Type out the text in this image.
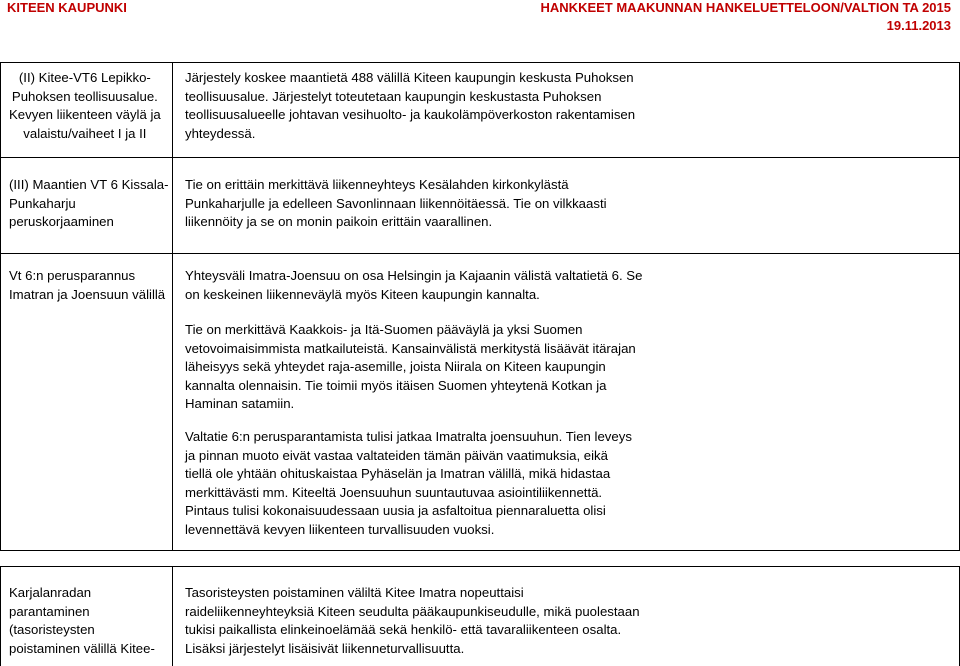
KITEEN KAUPUNKI	HANKKEET MAAKUNNAN HANKELUETTELOON/VALTION TA 2015
19.11.2013

(II) Kitee-VT6 Lepikko-
Puhoksen teollisuusalue.
Kevyen liikenteen väylä ja
valaistu/vaiheet I ja II

Järjestely koskee maantietä 488 välillä Kiteen kaupungin keskusta Puhoksen
teollisuusalue. Järjestelyt toteutetaan kaupungin keskustasta Puhoksen
teollisuusalueelle johtavan vesihuolto- ja kaukolämpöverkoston rakentamisen
yhteydessä.

(III) Maantien VT 6 Kissala-
Punkaharju
peruskorjaaminen

Tie on erittäin merkittävä liikenneyhteys Kesälahden kirkonkylästä
Punkaharjulle ja edelleen Savonlinnaan liikennöitäessä. Tie on vilkkaasti
liikennöity ja se on monin paikoin erittäin vaarallinen.

Vt 6:n perusparannus
Imatran ja Joensuun välillä

Yhteysväli Imatra-Joensuu on osa Helsingin ja Kajaanin välistä valtatietä 6. Se
on keskeinen liikenneväylä myös Kiteen kaupungin kannalta.

Tie on merkittävä Kaakkois- ja Itä-Suomen pääväylä ja yksi Suomen
vetovoimaisimmista matkailuteistä. Kansainvälistä merkitystä lisäävät itärajan
läheisyys sekä yhteydet raja-asemille, joista Niirala on Kiteen kaupungin
kannalta olennaisin. Tie toimii myös itäisen Suomen yhteytenä Kotkan ja
Haminan satamiin.

Valtatie 6:n perusparantamista tulisi jatkaa Imatralta joensuuhun. Tien leveys
ja pinnan muoto eivät vastaa valtateiden tämän päivän vaatimuksia, eikä
tiellä ole yhtään ohituskaistaa Pyhäselän ja Imatran välillä, mikä hidastaa
merkittävästi mm. Kiteeltä Joensuuhun suuntautuvaa asiointiliikennettä.
Pintaus tulisi kokonaisuudessaan uusia ja asfaltoitua piennaraluetta olisi
levennettävä kevyen liikenteen turvallisuuden vuoksi.

Karjalanradan
parantaminen
(tasoristeysten
poistaminen välillä Kitee-

Tasoristeysten poistaminen väliltä Kitee Imatra nopeuttaisi
raideliikenneyhteyksiä Kiteen seudulta pääkaupunkiseudulle, mikä puolestaan
tukisi paikallista elinkeinoelämää sekä henkilö- että tavaraliikenteen osalta.
Lisäksi järjestelyt lisäisivät liikenneturvallisuutta.
